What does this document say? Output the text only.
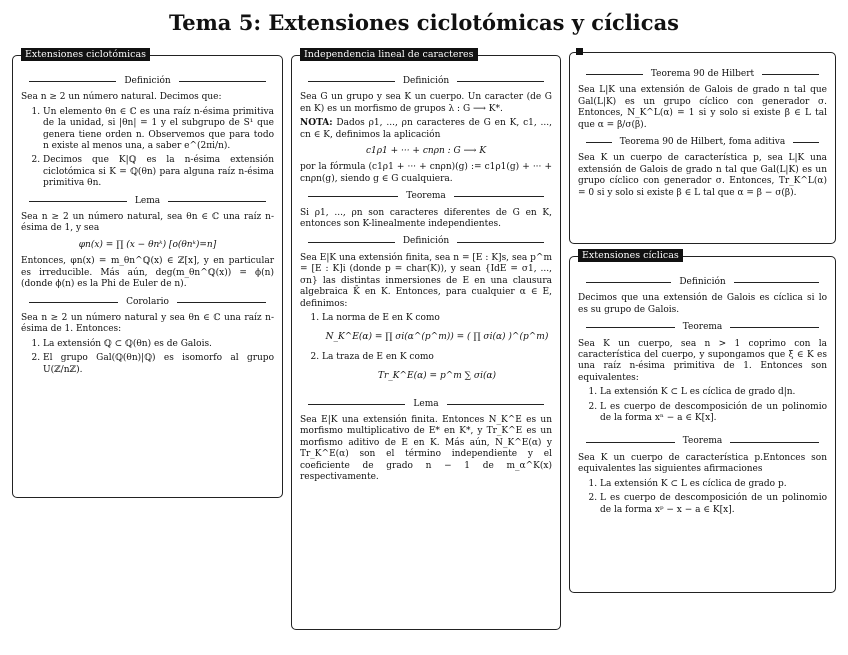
Tema 5: Extensiones ciclotómicas y cíclicas
Extensiones ciclotómicas
Definición

Sea n ≥ 2 un número natural. Decimos que:

1. Un elemento θn ∈ ℂ es una raíz n-ésima primitiva de la unidad, si |θn| = 1 y el subgrupo de S¹ que genera tiene orden n. Observemos que para todo n existe al menos una, a saber e^(2πi/n).
2. Decimos que K|ℚ es la n-ésima extensión ciclotómica si K = ℚ(θn) para alguna raíz n-ésima primitiva θn.
Lema

Sea n ≥ 2 un número natural, sea θn ∈ ℂ una raíz n-ésima de 1, y sea

φn(x) = ∏ (x − θnᵏ) [o(θnᵏ)=n]

Entonces, φn(x) = m_θn^ℚ(x) ∈ ℤ[x], y en particular es irreducible. Más aún, deg(m_θn^ℚ(x)) = ϕ(n) (donde ϕ(n) es la Phi de Euler de n).

Corolario

Sea n ≥ 2 un número natural y sea θn ∈ ℂ una raíz n-ésima de 1. Entonces:

1. La extensión ℚ ⊂ ℚ(θn) es de Galois.
2. El grupo Gal(ℚ(θn)|ℚ) es isomorfo al grupo U(ℤ/nℤ).
Independencia lineal de caracteres
Definición

Sea G un grupo y sea K un cuerpo. Un caracter (de G en K) es un morfismo de grupos λ : G ⟶ K*.

NOTA: Dados ρ1, ..., ρn caracteres de G en K, c1, ..., cn ∈ K, definimos la aplicación

c1ρ1 + ··· + cnρn : G ⟶ K

por la fórmula (c1ρ1 + ··· + cnρn)(g) := c1ρ1(g) + ··· + cnρn(g), siendo g ∈ G cualquiera.

Teorema

Si ρ1, ..., ρn son caracteres diferentes de G en K, entonces son K-linealmente independientes.

Definición

Sea E|K una extensión finita, sea n = [E : K]s, sea p^m = [E : K]i (donde p = char(K)), y sean {IdE = σ1, ..., σn} las distintas inmersiones de E en una clausura algebraica K̄ en K. Entonces, para cualquier α ∈ E, definimos:

1. La norma de E en K como
N_K^E(α) = ∏ σi(α^(p^m)) = ( ∏ σi(α) )^(p^m)
2. La traza de E en K como
Tr_K^E(α) = p^m ∑ σi(α)
Lema

Sea E|K una extensión finita. Entonces N_K^E es un morfismo multiplicativo de E* en K*, y Tr_K^E es un morfismo aditivo de E en K. Más aún, N_K^E(α) y Tr_K^E(α) son el término independiente y el coeficiente de grado n − 1 de m_α^K(x) respectivamente.

Teorema 90 de Hilbert

Sea L|K una extensión de Galois de grado n tal que Gal(L|K) es un grupo cíclico con generador σ. Entonces, N_K^L(α) = 1 si y solo si existe β ∈ L tal que α = β/σ(β).

Teorema 90 de Hilbert, foma aditiva

Sea K un cuerpo de característica p, sea L|K una extensión de Galois de grado n tal que Gal(L|K) es un grupo cíclico con generador σ. Entonces, Tr_K^L(α) = 0 si y solo si existe β ∈ L tal que α = β − σ(β).

Extensiones cíclicas
Definición

Decimos que una extensión de Galois es cíclica si lo es su grupo de Galois.

Teorema

Sea K un cuerpo, sea n > 1 coprimo con la característica del cuerpo, y supongamos que ξ ∈ K es una raíz n-ésima primitiva de 1. Entonces son equivalentes:

1. La extensión K ⊂ L es cíclica de grado d|n.
2. L es cuerpo de descomposición de un polinomio de la forma xⁿ − a ∈ K[x].
Teorema

Sea K un cuerpo de característica p.Entonces son equivalentes las siguientes afirmaciones

1. La extensión K ⊂ L es cíclica de grado p.
2. L es cuerpo de descomposición de un polinomio de la forma xᵖ − x − a ∈ K[x].
